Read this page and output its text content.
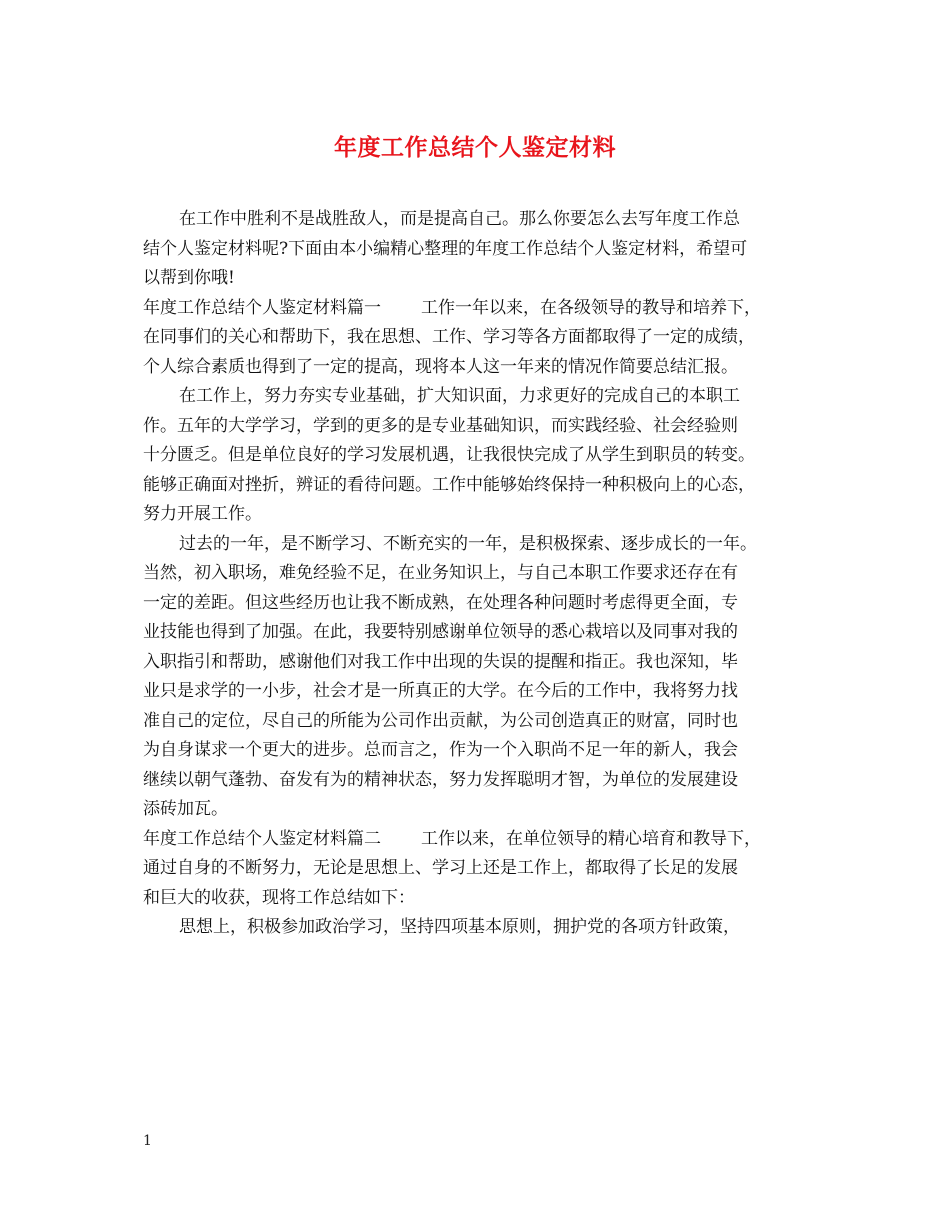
年度工作总结个人鉴定材料
在工作中胜利不是战胜敌人，而是提高自己。那么你要怎么去写年度工作总
结个人鉴定材料呢?下面由本小编精心整理的年度工作总结个人鉴定材料，希望可
以帮到你哦!
年度工作总结个人鉴定材料篇一 工作一年以来，在各级领导的教导和培养下，
在同事们的关心和帮助下，我在思想、工作、学习等各方面都取得了一定的成绩，
个人综合素质也得到了一定的提高，现将本人这一年来的情况作简要总结汇报。
在工作上，努力夯实专业基础，扩大知识面，力求更好的完成自己的本职工
作。五年的大学学习，学到的更多的是专业基础知识，而实践经验、社会经验则
十分匮乏。但是单位良好的学习发展机遇，让我很快完成了从学生到职员的转变。
能够正确面对挫折，辨证的看待问题。工作中能够始终保持一种积极向上的心态，
努力开展工作。
过去的一年，是不断学习、不断充实的一年，是积极探索、逐步成长的一年。
当然，初入职场，难免经验不足，在业务知识上，与自己本职工作要求还存在有
一定的差距。但这些经历也让我不断成熟，在处理各种问题时考虑得更全面，专
业技能也得到了加强。在此，我要特别感谢单位领导的悉心栽培以及同事对我的
入职指引和帮助，感谢他们对我工作中出现的失误的提醒和指正。我也深知，毕
业只是求学的一小步，社会才是一所真正的大学。在今后的工作中，我将努力找
准自己的定位，尽自己的所能为公司作出贡献，为公司创造真正的财富，同时也
为自身谋求一个更大的进步。总而言之，作为一个入职尚不足一年的新人，我会
继续以朝气蓬勃、奋发有为的精神状态，努力发挥聪明才智，为单位的发展建设
添砖加瓦。
年度工作总结个人鉴定材料篇二 工作以来，在单位领导的精心培育和教导下，
通过自身的不断努力，无论是思想上、学习上还是工作上，都取得了长足的发展
和巨大的收获，现将工作总结如下：
思想上，积极参加政治学习，坚持四项基本原则，拥护党的各项方针政策，
1
